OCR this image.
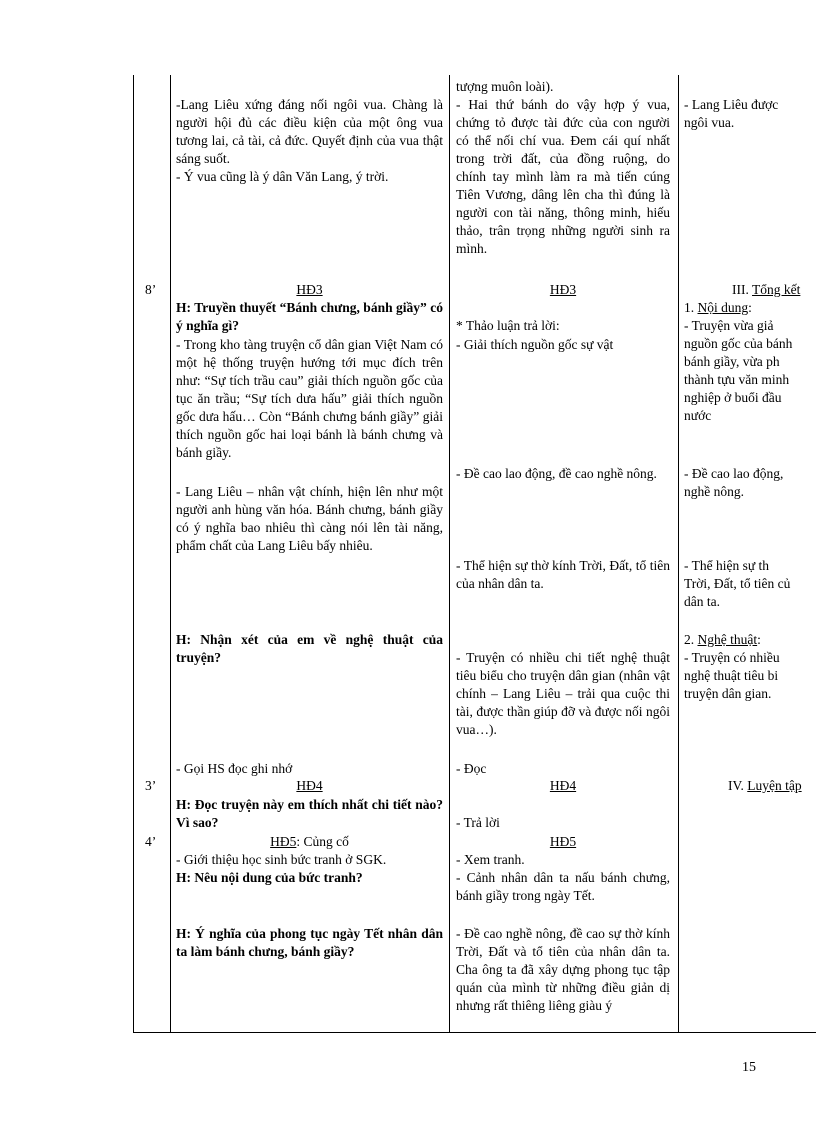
8’
3’
4’
-Lang Liêu xứng đáng nối ngôi vua. Chàng là người hội đủ các điều kiện của một ông vua tương lai, cả tài, cả đức. Quyết định của vua thật sáng suốt.
- Ý vua cũng là ý dân Văn Lang, ý trời.
HĐ3
H: Truyền thuyết “Bánh chưng, bánh giầy” có ý nghĩa gì?
- Trong kho tàng truyện cổ dân gian Việt Nam có một hệ thống truyện hướng tới mục đích trên như: “Sự tích trầu cau” giải thích nguồn gốc của tục ăn trầu; “Sự tích dưa hấu” giải thích nguồn gốc dưa hấu… Còn “Bánh chưng bánh giầy” giải thích nguồn gốc hai loại bánh là bánh chưng và bánh giầy.
- Lang Liêu – nhân vật chính, hiện lên như một người anh hùng văn hóa. Bánh chưng, bánh giầy có ý nghĩa bao nhiêu thì càng nói lên tài năng, phẩm chất của Lang Liêu bấy nhiêu.
H: Nhận xét của em về nghệ thuật của truyện?
- Gọi HS đọc ghi nhớ
HĐ4
H: Đọc truyện này em thích nhất chi tiết nào? Vì sao?
HĐ5: Củng cố
- Giới thiệu học sinh bức tranh ở SGK.
H: Nêu nội dung của bức tranh?
H: Ý nghĩa của phong tục ngày Tết nhân dân ta làm bánh chưng, bánh giầy?
tượng muôn loài).
- Hai thứ bánh do vậy hợp ý vua, chứng tỏ được tài đức của con người có thể nối chí vua. Đem cái quí nhất trong trời đất, của đồng ruộng, do chính tay mình làm ra mà tiến cúng Tiên Vương, dâng lên cha thì đúng là người con tài năng, thông minh, hiếu thảo, trân trọng những người sinh ra mình.
HĐ3
* Thảo luận trả lời:
- Giải thích nguồn gốc sự vật
- Đề cao lao động, đề cao nghề nông.
- Thể hiện sự thờ kính Trời, Đất, tổ tiên của nhân dân ta.
- Truyện có nhiều chi tiết nghệ thuật tiêu biểu cho truyện dân gian (nhân vật chính – Lang Liêu – trải qua cuộc thi tài, được thần giúp đỡ và được nối ngôi vua…).
- Đọc
HĐ4
- Trả lời
HĐ5
- Xem tranh.
- Cảnh nhân dân ta nấu bánh chưng, bánh giầy trong ngày Tết.
- Đề cao nghề nông, đề cao sự thờ kính Trời, Đất và tổ tiên của nhân dân ta. Cha ông ta đã xây dựng phong tục tập quán của mình từ những điều giản dị nhưng rất thiêng liêng giàu ý
- Lang Liêu được
ngôi vua.
III. Tổng kết
1. Nội dung:
- Truyện vừa giả
nguồn gốc của bánh
bánh giầy, vừa ph
thành tựu văn minh
nghiệp ở buổi đầu
nước
- Đề cao lao động,
nghề nông.
- Thể hiện sự th
Trời, Đất, tổ tiên củ
dân ta.
2. Nghệ thuật:
- Truyện có nhiều
nghệ thuật tiêu bi
truyện dân gian.
IV. Luyện tập
15
